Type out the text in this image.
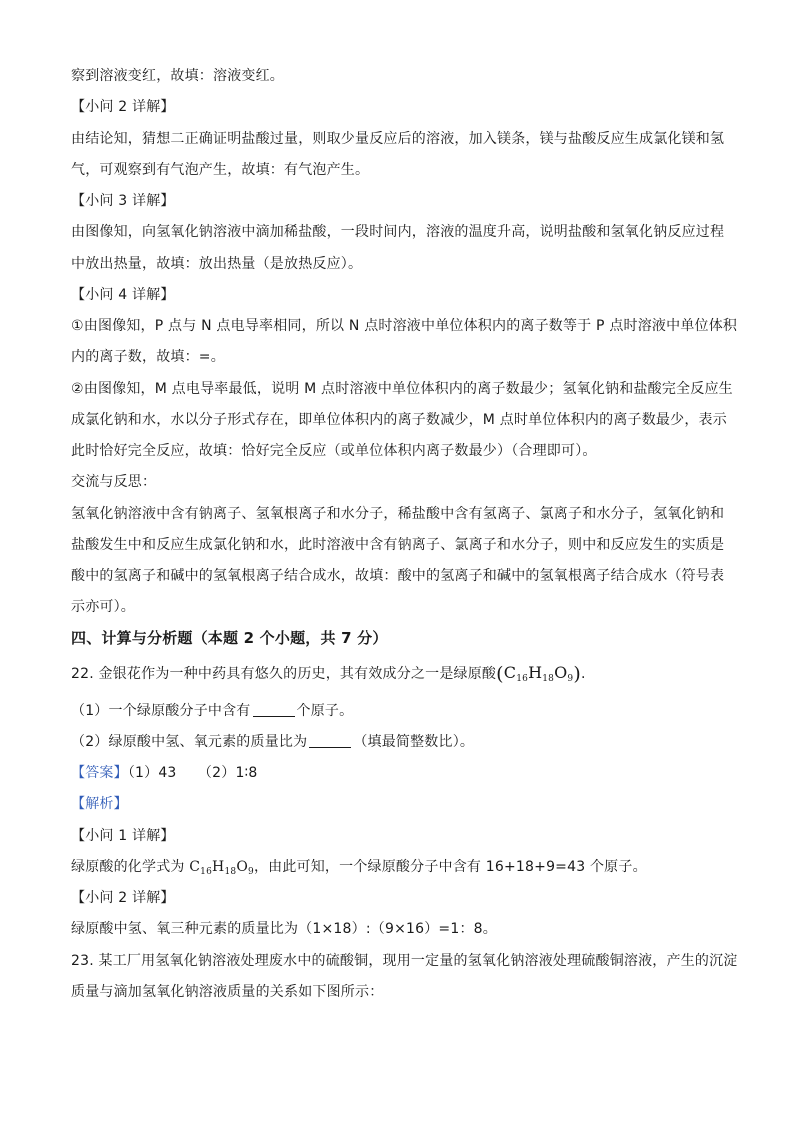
察到溶液变红，故填：溶液变红。
【小问 2 详解】
由结论知，猜想二正确证明盐酸过量，则取少量反应后的溶液，加入镁条，镁与盐酸反应生成氯化镁和氢
气，可观察到有气泡产生，故填：有气泡产生。
【小问 3 详解】
由图像知，向氢氧化钠溶液中滴加稀盐酸，一段时间内，溶液的温度升高，说明盐酸和氢氧化钠反应过程
中放出热量，故填：放出热量（是放热反应）。
【小问 4 详解】
①由图像知，P 点与 N 点电导率相同，所以 N 点时溶液中单位体积内的离子数等于 P 点时溶液中单位体积
内的离子数，故填：=。
②由图像知，M 点电导率最低，说明 M 点时溶液中单位体积内的离子数最少；氢氧化钠和盐酸完全反应生
成氯化钠和水，水以分子形式存在，即单位体积内的离子数减少，M 点时单位体积内的离子数最少，表示
此时恰好完全反应，故填：恰好完全反应（或单位体积内离子数最少）（合理即可）。
交流与反思：
氢氧化钠溶液中含有钠离子、氢氧根离子和水分子，稀盐酸中含有氢离子、氯离子和水分子，氢氧化钠和
盐酸发生中和反应生成氯化钠和水，此时溶液中含有钠离子、氯离子和水分子，则中和反应发生的实质是
酸中的氢离子和碱中的氢氧根离子结合成水，故填：酸中的氢离子和碱中的氢氧根离子结合成水（符号表
示亦可）。
四、计算与分析题（本题 2 个小题，共 7 分）
22. 金银花作为一种中药具有悠久的历史，其有效成分之一是绿原酸$(C_{16}H_{18}O_9)$.
（1）一个绿原酸分子中含有	个原子。
（2）绿原酸中氢、氧元素的质量比为	（填最简整数比）。
【答案】（1）43　　（2）1∶8
【解析】
【小问 1 详解】
绿原酸的化学式为 $C_{16}H_{18}O_9$，由此可知，一个绿原酸分子中含有 16+18+9=43 个原子。
【小问 2 详解】
绿原酸中氢、氧三种元素的质量比为（1×18）:（9×16）=1：8。
23. 某工厂用氢氧化钠溶液处理废水中的硫酸铜，现用一定量的氢氧化钠溶液处理硫酸铜溶液，产生的沉淀
质量与滴加氢氧化钠溶液质量的关系如下图所示：
